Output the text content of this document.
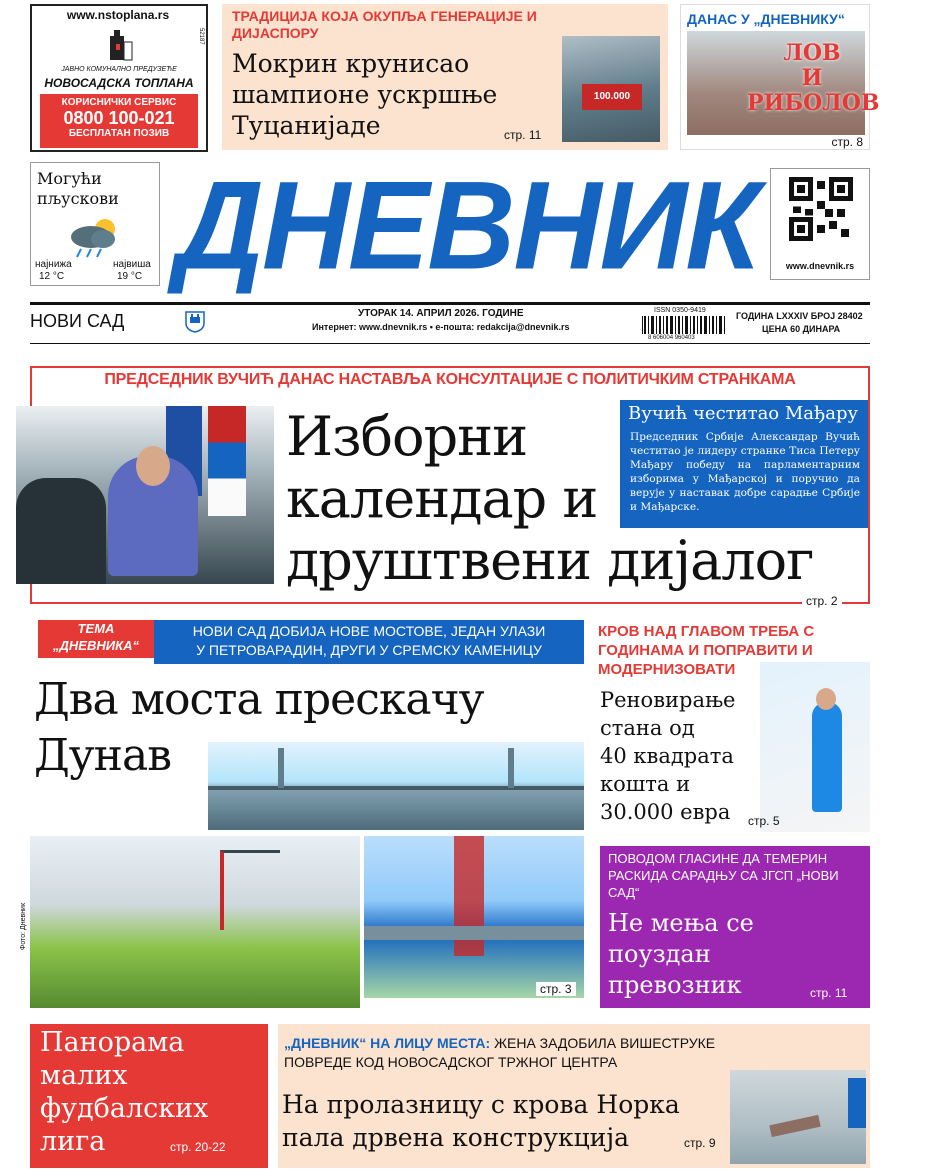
www.nstoplana.rs
52187
ЈАВНО КОМУНАЛНО ПРЕДУЗЕЋЕ
НОВОСАДСКА ТОПЛАНА
КОРИСНИЧКИ СЕРВИС
0800 100-021
БЕСПЛАТАН ПОЗИВ
ТРАДИЦИЈА КОЈА ОКУПЉА ГЕНЕРАЦИЈЕ И ДИЈАСПОРУ
Мокрин крунисао шампионе ускршње Туцанијаде
100.000
стр. 11
ДАНАС У „ДНЕВНИКУ“
ЛОВ
И
РИБОЛОВ
стр. 8
Могући пљускови
најнижа
12 °C
највиша
19 °C ДНЕВНИК	www.dnevnik.rs
НОВИ САД	УТОРАК 14. АПРИЛ 2026. ГОДИНЕ
Интернет: www.dnevnik.rs • е-пошта: redakcija@dnevnik.rs
ISSN 0350-9419
8 606004 960403
ГОДИНА LXXXIV БРОЈ 28402
ЦЕНА 60 ДИНАРА
ПРЕДСЕДНИК ВУЧИЋ ДАНАС НАСТАВЉА КОНСУЛТАЦИЈЕ С ПОЛИТИЧКИМ СТРАНКАМА
Изборни
календар и
друштвени дијалог
Вучић честитао Мађару
Председник Србије Александар Вучић честитао је лидеру странке Тиса Петеру Мађару победу на парламентарним изборима у Мађарској и поручио да верује у наставак добре сарадње Србије и Мађарске.
стр. 2
ТЕМА
„ДНЕВНИКА“
НОВИ САД ДОБИЈА НОВЕ МОСТОВЕ, ЈЕДАН УЛАЗИ
У ПЕТРОВАРАДИН, ДРУГИ У СРЕМСКУ КАМЕНИЦУ
Два моста прескачу
Дунав
Фото: Дневник
стр. 3
КРОВ НАД ГЛАВОМ ТРЕБА С ГОДИНАМА И ПОПРАВИТИ И МОДЕРНИЗОВАТИ
Реновирање
стана од
40 квадрата
кошта и
30.000 евра	стр. 5
ПОВОДОМ ГЛАСИНЕ ДА ТЕМЕРИН РАСКИДА САРАДЊУ СА ЈГСП „НОВИ САД“
Не мења се
поуздан
превозник	стр. 11
Панорама
малих
фудбалских
лига	стр. 20-22
„ДНЕВНИК“ НА ЛИЦУ МЕСТА: ЖЕНА ЗАДОБИЛА ВИШЕСТРУКЕ
ПОВРЕДЕ КОД НОВОСАДСКОГ ТРЖНОГ ЦЕНТРА
На пролазницу с крова Норка
пала дрвена конструкција	стр. 9
